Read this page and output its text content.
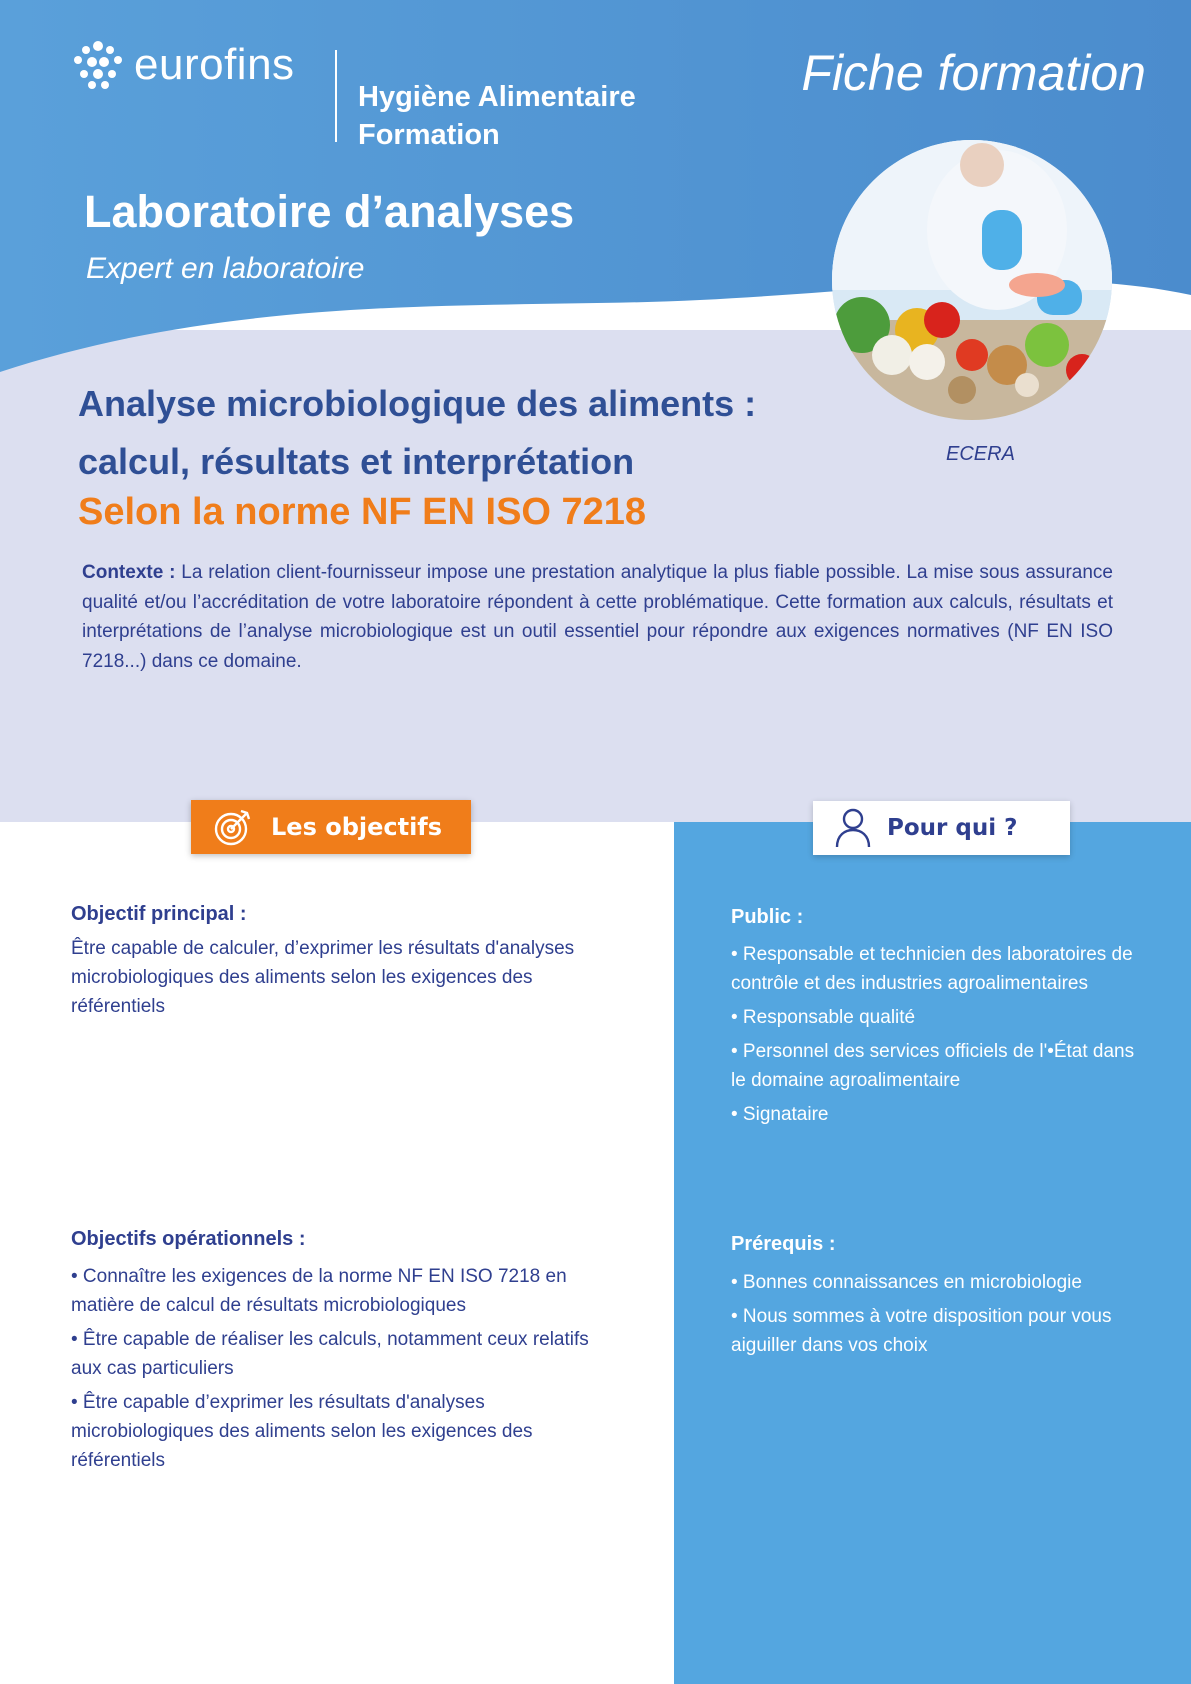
eurofins
Hygiène Alimentaire
Formation
Fiche formation
Laboratoire d’analyses
Expert en laboratoire
ECERA
Analyse microbiologique des aliments :
calcul, résultats et interprétation
Selon la norme NF EN ISO 7218
Contexte : La relation client-fournisseur impose une prestation analytique la plus fiable possible. La mise sous assurance qualité et/ou l’accréditation de votre laboratoire répondent à cette problématique. Cette formation aux calculs, résultats et interprétations de l’analyse microbiologique est un outil essentiel pour répondre aux exigences normatives (NF EN ISO 7218...) dans ce domaine.
Les objectifs	Pour qui ?
Objectif principal :
Être capable de calculer, d’exprimer les résultats d'analyses microbiologiques des aliments selon les exigences des référentiels
Objectifs opérationnels :
• Connaître les exigences de la norme NF EN ISO 7218 en matière de calcul de résultats microbiologiques
• Être capable de réaliser les calculs, notamment ceux relatifs aux cas particuliers
• Être capable d’exprimer les résultats d'analyses microbiologiques des aliments selon les exigences des référentiels
Public :
• Responsable et technicien des laboratoires de contrôle et des industries agroalimentaires
• Responsable qualité
• Personnel des services officiels de l'•État dans le domaine agroalimentaire
• Signataire
Prérequis :
• Bonnes connaissances en microbiologie
• Nous sommes à votre disposition pour vous aiguiller dans vos choix
